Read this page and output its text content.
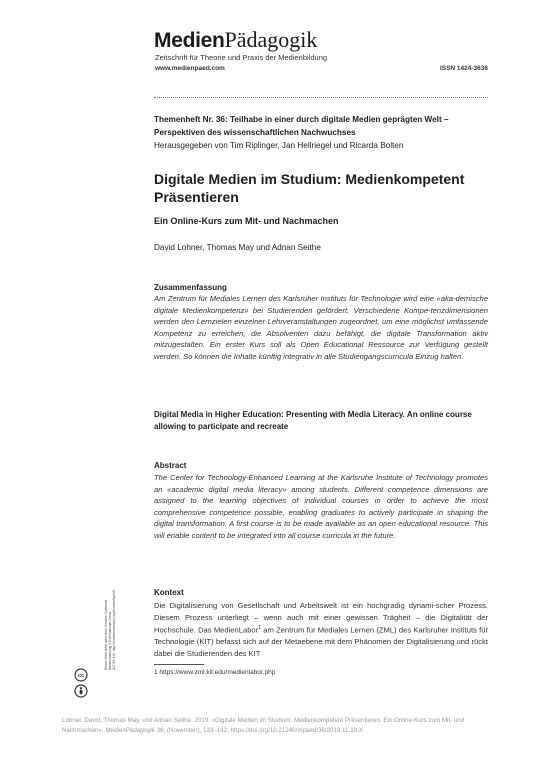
MedienPädagogik
Zeitschrift für Theorie und Praxis der Medienbildung
www.medienpaed.com	ISSN 1424-3636
Themenheft Nr. 36: Teilhabe in einer durch digitale Medien geprägten Welt –
Perspektiven des wissenschaftlichen Nachwuchses
Herausgegeben von Tim Riplinger, Jan Hellriegel und Ricarda Bolten
Digitale Medien im Studium: Medienkompetent
Präsentieren
Ein Online-Kurs zum Mit- und Nachmachen
David Lohner, Thomas May und Adnan Seithe
Zusammenfassung
Am Zentrum für Mediales Lernen des Karlsruher Instituts für Technologie wird eine «aka-demische digitale Medienkompetenz» bei Studierenden gefördert. Verschiedene Kompe-tenzdimensionen werden den Lernzielen einzelner Lehrveranstaltungen zugeordnet, um eine möglichst umfassende Kompetenz zu erreichen, die Absolventen dazu befähigt, die digitale Transformation aktiv mitzugestalten. Ein erster Kurs soll als Open Educational Ressource zur Verfügung gestellt werden. So können die Inhalte künftig integrativ in alle Studiengangscurricula Einzug halten.
Digital Media in Higher Education: Presenting with Media Literacy. An online course allowing to participate and recreate
Abstract
The Center for Technology-Enhanced Learning at the Karlsruhe Institute of Technology promotes an «academic digital media literacy» among students. Different competence dimensions are assigned to the learning objectives of individual courses in order to achieve the most comprehensive competence possible, enabling graduates to actively participate in shaping the digital transformation. A first course is to be made available as an open educational resource. This will enable content to be integrated into all course curricula in the future.
Kontext
Die Digitalisierung von Gesellschaft und Arbeitswelt ist ein hochgradig dynami-scher Prozess. Diesem Prozess unterliegt – wenn auch mit einer gewissen Trägheit – die Digitalität der Hochschule. Das MedienLabor$^1$ am Zentrum für Mediales Lernen (ZML) des Karlsruher Instituts für Technologie (KIT) befasst sich auf der Metaebene mit dem Phänomen der Digitalisierung und rückt dabei die Studierenden des KIT
1 https://www.zml.kit.edu/medienlabor.php
Lohner, David, Thomas May, und Adnan Seithe. 2019. «Digitale Medien im Studium: Medienkompetent Präsentieren. Ein Online-Kurs zum Mit- und Nachmachen». MedienPädagogik 36, (November), 133–142. https://doi.org/10.21240/mpaed/36/2019.11.19.X
Dieses Werk steht unter einer Creative Commons Namensnennung 4.0 International Lizenz (CC BY 4.0). http://creativecommons.org/licenses/by/4.0/
cc
